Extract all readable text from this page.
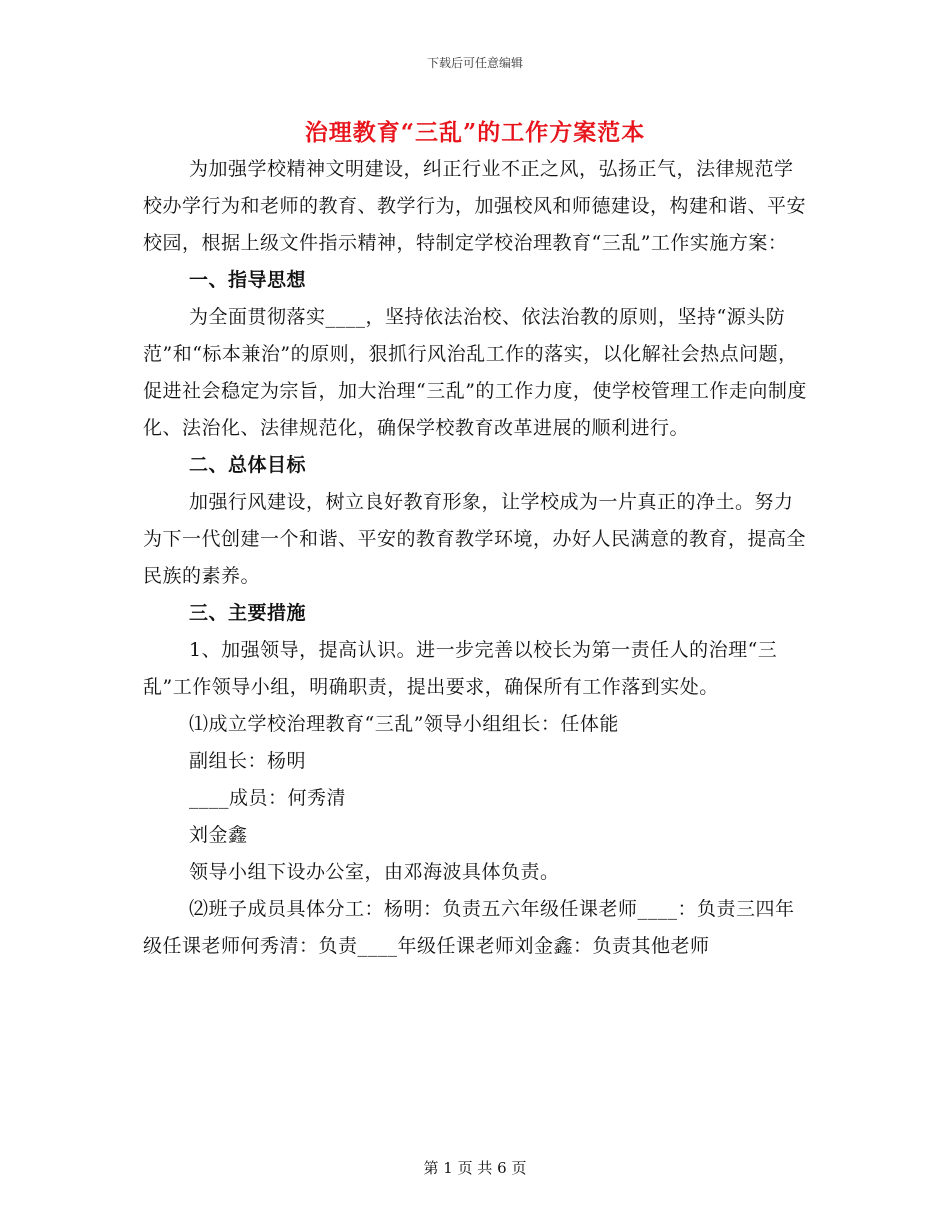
下载后可任意编辑
治理教育“三乱”的工作方案范本

为加强学校精神文明建设，纠正行业不正之风，弘扬正气，法律规范学校办学行为和老师的教育、教学行为，加强校风和师德建设，构建和谐、平安校园，根据上级文件指示精神，特制定学校治理教育“三乱”工作实施方案：

一、指导思想

为全面贯彻落实____，坚持依法治校、依法治教的原则，坚持“源头防范”和“标本兼治”的原则，狠抓行风治乱工作的落实，以化解社会热点问题，促进社会稳定为宗旨，加大治理“三乱”的工作力度，使学校管理工作走向制度化、法治化、法律规范化，确保学校教育改革进展的顺利进行。

二、总体目标

加强行风建设，树立良好教育形象，让学校成为一片真正的净土。努力为下一代创建一个和谐、平安的教育教学环境，办好人民满意的教育，提高全民族的素养。

三、主要措施

1、加强领导，提高认识。进一步完善以校长为第一责任人的治理“三乱”工作领导小组，明确职责，提出要求，确保所有工作落到实处。

⑴成立学校治理教育“三乱”领导小组组长：任体能

副组长：杨明

____成员：何秀清

刘金鑫

领导小组下设办公室，由邓海波具体负责。

⑵班子成员具体分工：杨明：负责五六年级任课老师____：负责三四年级任课老师何秀清：负责____年级任课老师刘金鑫：负责其他老师

第 1 页 共 6 页
